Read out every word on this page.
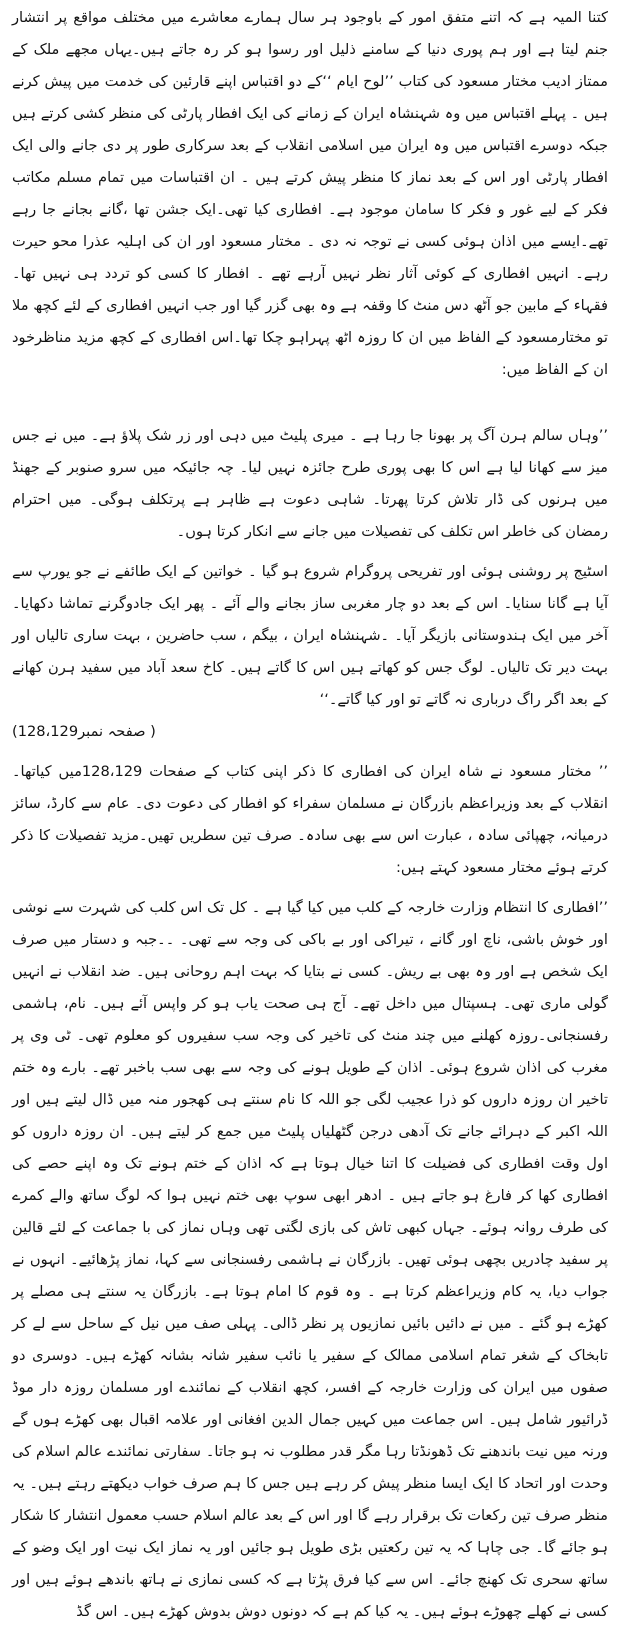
کتنا المیہ ہے کہ اتنے متفق امور کے باوجود ہر سال ہمارے معاشرے میں مختلف مواقع پر انتشار جنم لیتا ہے اور ہم پوری دنیا کے سامنے ذلیل اور رسوا ہو کر رہ جاتے ہیں۔یہاں مجھے ملک کے ممتاز ادیب مختار مسعود کی کتاب ’’لوح ایام ‘‘کے دو اقتباس اپنے قارئین کی خدمت میں پیش کرنے ہیں ۔ پہلے اقتباس میں وہ شہنشاہ ایران کے زمانے کی ایک افطار پارٹی کی منظر کشی کرتے ہیں جبکہ دوسرے اقتباس میں وہ ایران میں اسلامی انقلاب کے بعد سرکاری طور پر دی جانے والی ایک افطار پارٹی اور اس کے بعد نماز کا منظر پیش کرتے ہیں ۔ ان اقتباسات میں تمام مسلم مکاتب فکر کے لیے غور و فکر کا سامان موجود ہے۔ افطاری کیا تھی۔ایک جشن تھا ،گانے بجانے جا رہے تھے۔ایسے میں اذان ہوئی کسی نے توجہ نہ دی ۔ مختار مسعود اور ان کی اہلیہ عذرا محو حیرت رہے۔ انہیں افطاری کے کوئی آثار نظر نہیں آرہے تھے ۔ افطار کا کسی کو تردد ہی نہیں تھا۔ فقہاء کے مابین جو آٹھ دس منٹ کا وقفہ ہے وہ بھی گزر گیا اور جب انہیں افطاری کے لئے کچھ ملا تو مختارمسعود کے الفاظ میں ان کا روزہ اٹھ پہراہو چکا تھا۔اس افطاری کے کچھ مزید مناظرخود ان کے الفاظ میں:

’’وہاں سالم ہرن آگ پر بھونا جا رہا ہے ۔ میری پلیٹ میں دہی اور زر شک پلاؤ ہے۔ میں نے جس میز سے کھانا لیا ہے اس کا بھی پوری طرح جائزہ نہیں لیا۔ چہ جائیکہ میں سرو صنوبر کے جھنڈ میں ہرنوں کی ڈار تلاش کرتا پھرتا۔ شاہی دعوت ہے ظاہر ہے پرتکلف ہوگی۔ میں احترام رمضان کی خاطر اس تکلف کی تفصیلات میں جانے سے انکار کرتا ہوں۔

اسٹیج پر روشنی ہوئی اور تفریحی پروگرام شروع ہو گیا ۔ خواتین کے ایک طائفے نے جو یورپ سے آیا ہے گانا سنایا۔ اس کے بعد دو چار مغربی ساز بجانے والے آئے ۔ پھر ایک جادوگرنے تماشا دکھایا۔ آخر میں ایک ہندوستانی بازیگر آیا۔ ۔شہنشاہ ایران ، بیگم ، سب حاضرین ، بہت ساری تالیاں اور بہت دیر تک تالیاں۔ لوگ جس کو کھاتے ہیں اس کا گاتے ہیں۔ کاخ سعد آباد میں سفید ہرن کھانے کے بعد اگر راگ درباری نہ گاتے تو اور کیا گاتے۔‘‘

( صفحہ نمبر128،129)

’’ مختار مسعود نے شاہ ایران کی افطاری کا ذکر اپنی کتاب کے صفحات 128،129میں کیاتھا۔انقلاب کے بعد وزیراعظم بازرگان نے مسلمان سفراء کو افطار کی دعوت دی۔ عام سے کارڈ، سائز درمیانہ، چھپائی سادہ ، عبارت اس سے بھی سادہ۔ صرف تین سطریں تھیں۔مزید تفصیلات کا ذکر کرتے ہوئے مختار مسعود کہتے ہیں:

’’افطاری کا انتظام وزارت خارجہ کے کلب میں کیا گیا ہے ۔ کل تک اس کلب کی شہرت سے نوشی اور خوش باشی، ناچ اور گانے ، تیراکی اور بے باکی کی وجہ سے تھی۔ ۔۔جبہ و دستار میں صرف ایک شخص ہے اور وہ بھی بے ریش۔ کسی نے بتایا کہ بہت اہم روحانی ہیں۔ ضد انقلاب نے انہیں گولی ماری تھی۔ ہسپتال میں داخل تھے۔ آج ہی صحت یاب ہو کر واپس آئے ہیں۔ نام، ہاشمی رفسنجانی۔روزہ کھلنے میں چند منٹ کی تاخیر کی وجہ سب سفیروں کو معلوم تھی۔ ٹی وی پر مغرب کی اذان شروع ہوئی۔ اذان کے طویل ہونے کی وجہ سے بھی سب باخبر تھے۔ بارے وہ ختم تاخیر ان روزہ داروں کو ذرا عجیب لگی جو اللہ کا نام سنتے ہی کھجور منہ میں ڈال لیتے ہیں اور اللہ اکبر کے دہرائے جانے تک آدھی درجن گٹھلیاں پلیٹ میں جمع کر لیتے ہیں۔ ان روزہ داروں کو اول وقت افطاری کی فضیلت کا اتنا خیال ہوتا ہے کہ اذان کے ختم ہونے تک وہ اپنے حصے کی افطاری کھا کر فارغ ہو جاتے ہیں ۔ ادھر ابھی سوپ بھی ختم نہیں ہوا کہ لوگ ساتھ والے کمرے کی طرف روانہ ہوئے۔ جہاں کبھی تاش کی بازی لگتی تھی وہاں نماز کی با جماعت کے لئے قالین پر سفید چادریں بچھی ہوئی تھیں۔ بازرگان نے ہاشمی رفسنجانی سے کہا، نماز پڑھائیے۔ انہوں نے جواب دیا، یہ کام وزیراعظم کرتا ہے ۔ وہ قوم کا امام ہوتا ہے۔ بازرگان یہ سنتے ہی مصلے پر کھڑے ہو گئے ۔ میں نے دائیں بائیں نمازیوں پر نظر ڈالی۔ پہلی صف میں نیل کے ساحل سے لے کر تابخاک کے شغر تمام اسلامی ممالک کے سفیر یا نائب سفیر شانہ بشانہ کھڑے ہیں۔ دوسری دو صفوں میں ایران کی وزارت خارجہ کے افسر، کچھ انقلاب کے نمائندے اور مسلمان روزہ دار موڈ ڈرائیور شامل ہیں۔ اس جماعت میں کہیں جمال الدین افغانی اور علامہ اقبال بھی کھڑے ہوں گے ورنہ میں نیت باندھنے تک ڈھونڈتا رہا مگر قدر مطلوب نہ ہو جاتا۔ سفارتی نمائندے عالم اسلام کی وحدت اور اتحاد کا ایک ایسا منظر پیش کر رہے ہیں جس کا ہم صرف خواب دیکھتے رہتے ہیں۔ یہ منظر صرف تین رکعات تک برقرار رہے گا اور اس کے بعد عالم اسلام حسب معمول انتشار کا شکار ہو جائے گا۔ جی چاہا کہ یہ تین رکعتیں بڑی طویل ہو جائیں اور یہ نماز ایک نیت اور ایک وضو کے ساتھ سحری تک کھنچ جائے۔ اس سے کیا فرق پڑتا ہے کہ کسی نمازی نے ہاتھ باندھے ہوئے ہیں اور کسی نے کھلے چھوڑے ہوئے ہیں۔ یہ کیا کم ہے کہ دونوں دوش بدوش کھڑے ہیں۔ اس گڈ
